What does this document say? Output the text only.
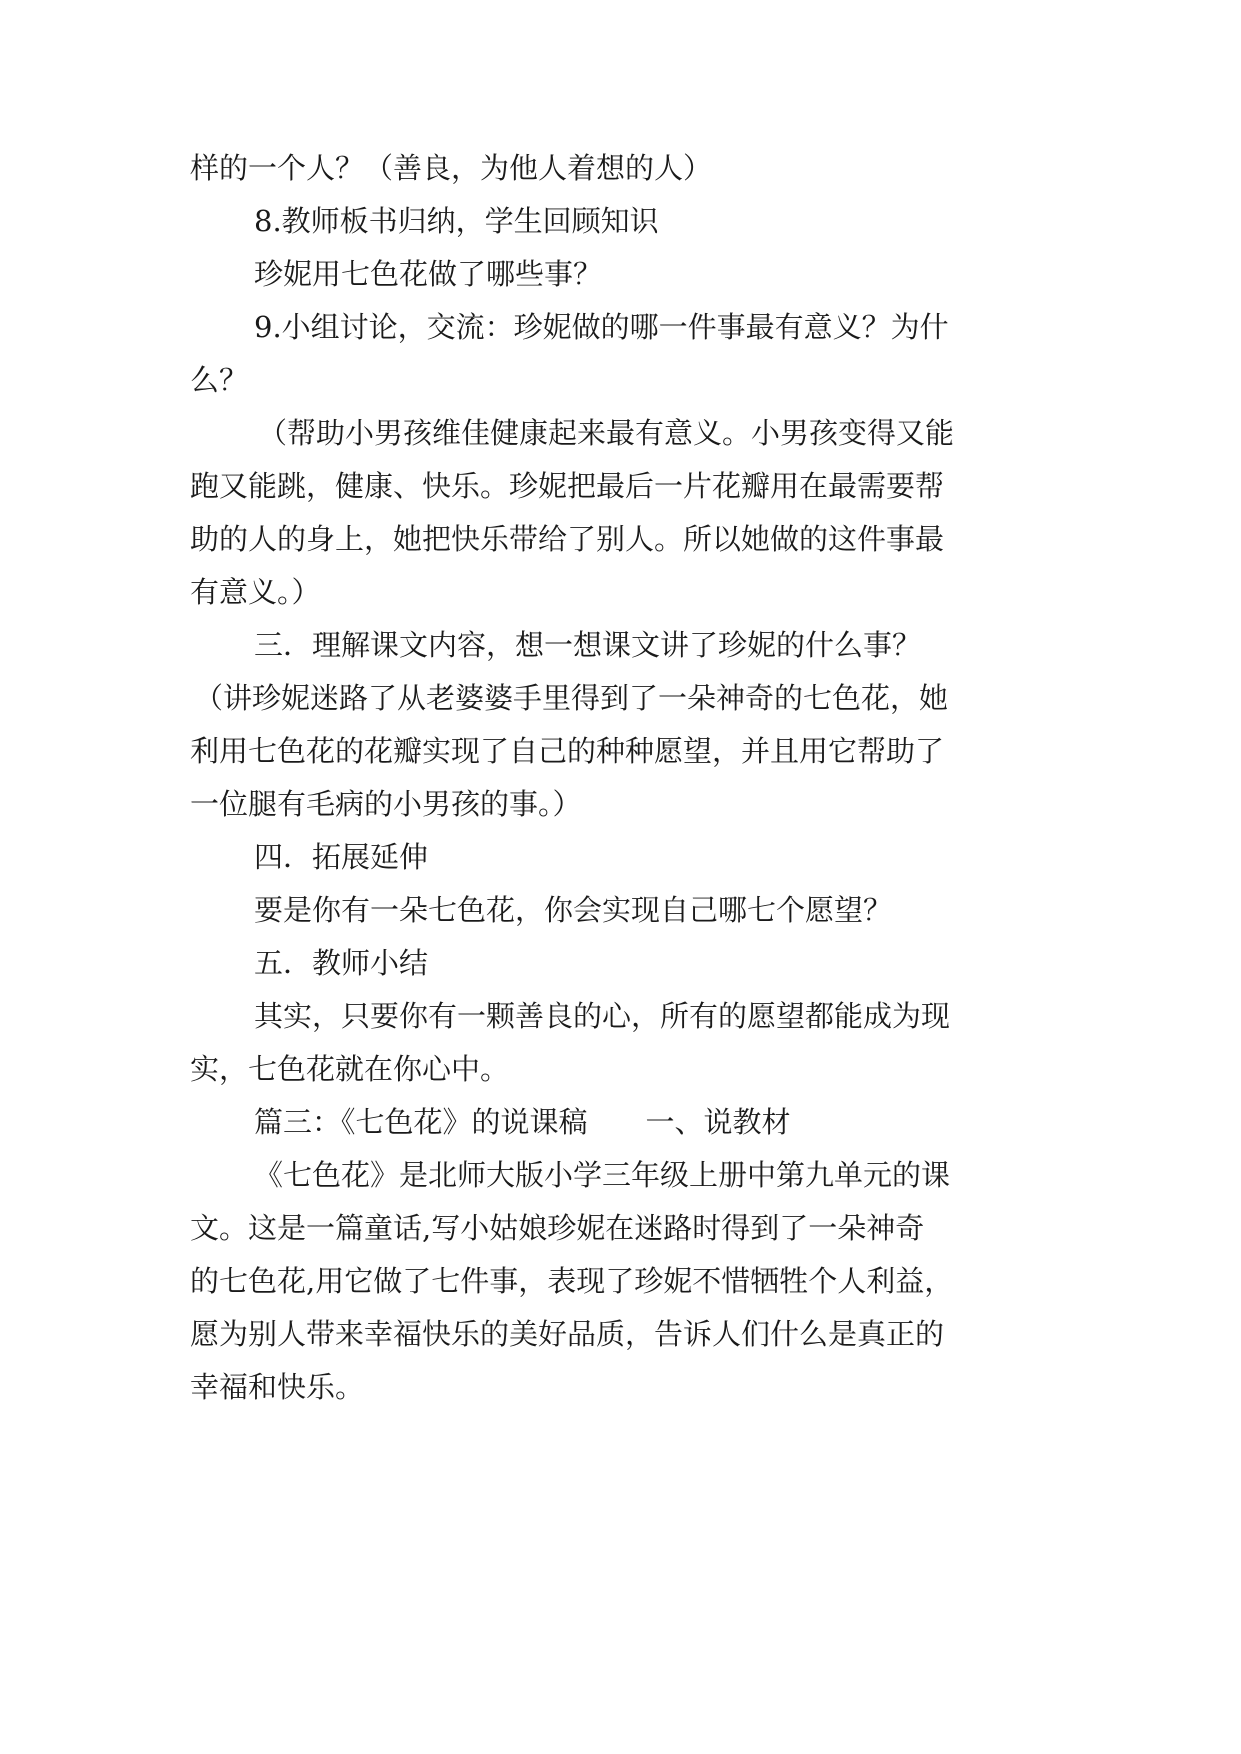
样的一个人？（善良，为他人着想的人）
8.教师板书归纳，学生回顾知识
珍妮用七色花做了哪些事？
9.小组讨论，交流：珍妮做的哪一件事最有意义？为什
么？
（帮助小男孩维佳健康起来最有意义。小男孩变得又能
跑又能跳，健康、快乐。珍妮把最后一片花瓣用在最需要帮
助的人的身上，她把快乐带给了别人。所以她做的这件事最
有意义。）
三．理解课文内容，想一想课文讲了珍妮的什么事？
（讲珍妮迷路了从老婆婆手里得到了一朵神奇的七色花，她
利用七色花的花瓣实现了自己的种种愿望，并且用它帮助了
一位腿有毛病的小男孩的事。）
四．拓展延伸
要是你有一朵七色花，你会实现自己哪七个愿望？
五．教师小结
其实，只要你有一颗善良的心，所有的愿望都能成为现
实，七色花就在你心中。
篇三：《七色花》的说课稿　　一、说教材
《七色花》是北师大版小学三年级上册中第九单元的课
文。这是一篇童话,写小姑娘珍妮在迷路时得到了一朵神奇
的七色花,用它做了七件事，表现了珍妮不惜牺牲个人利益，
愿为别人带来幸福快乐的美好品质，告诉人们什么是真正的
幸福和快乐。
